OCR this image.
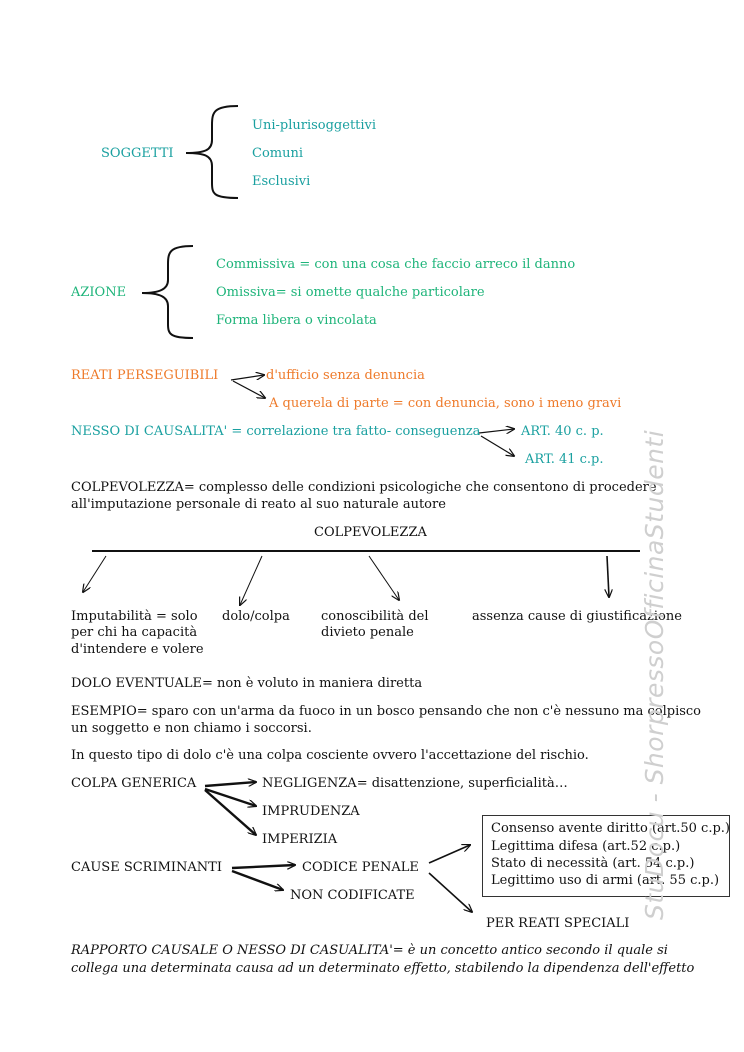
SOGGETTI
Uni-plurisoggettivi
Comuni
Esclusivi
AZIONE
Commissiva = con una cosa che faccio arreco il danno
Omissiva= si omette qualche particolare
Forma libera o vincolata
REATI PERSEGUIBILI	d'ufficio senza denuncia
A querela di parte = con denuncia, sono i meno gravi
NESSO DI CAUSALITA' = correlazione tra fatto- conseguenza	ART. 40 c. p.
ART. 41 c.p.
COLPEVOLEZZA= complesso delle condizioni psicologiche che consentono di procedere
all'imputazione personale di reato al suo naturale autore
COLPEVOLEZZA
Imputabilità = solo
per chi ha capacità
d'intendere e volere
dolo/colpa conoscibilità del
divieto penale
assenza cause di giustificazione
DOLO EVENTUALE= non è voluto in maniera diretta
ESEMPIO= sparo con un'arma da fuoco in un bosco pensando che non c'è nessuno ma colpisco
un soggetto e non chiamo i soccorsi.
In questo tipo di dolo c'è una colpa cosciente ovvero l'accettazione del rischio.
COLPA GENERICA	NEGLIGENZA= disattenzione, superficialità…
IMPRUDENZA
IMPERIZIA
CAUSE SCRIMINANTI	CODICE PENALE
NON CODIFICATE
Consenso avente diritto (art.50 c.p.)
Legittima difesa (art.52 c.p.)
Stato di necessità (art. 54 c.p.)
Legittimo uso di armi (art. 55 c.p.)
PER REATI SPECIALI
RAPPORTO CAUSALE O NESSO DI CASUALITA'= è un concetto antico secondo il quale si
collega una determinata causa ad un determinato effetto, stabilendo la dipendenza dell'effetto
StuDocu - ShorpressoOfficinaStudenti
